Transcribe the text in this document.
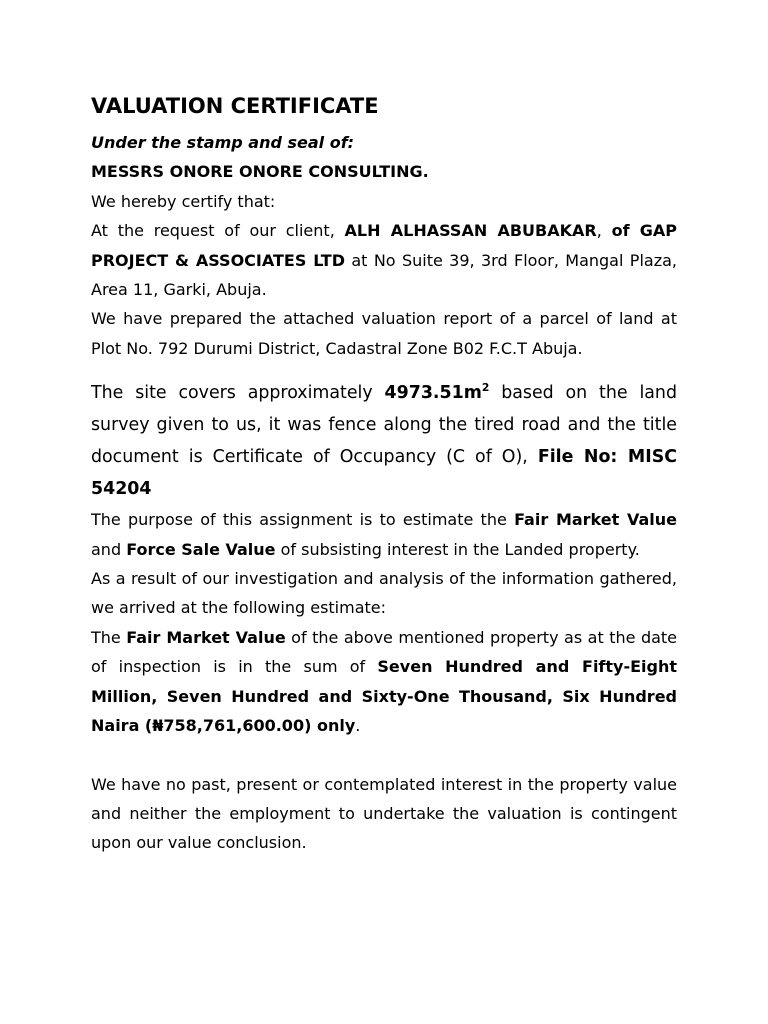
VALUATION CERTIFICATE

Under the stamp and seal of:

MESSRS ONORE ONORE CONSULTING.

We hereby certify that:

At the request of our client, ALH ALHASSAN ABUBAKAR, of GAP PROJECT & ASSOCIATES LTD at No Suite 39, 3rd Floor, Mangal Plaza, Area 11, Garki, Abuja.

We have prepared the attached valuation report of a parcel of land at Plot No. 792 Durumi District, Cadastral Zone B02 F.C.T Abuja.

The site covers approximately $4973.51m^2$ based on the land survey given to us, it was fence along the tired road and the title document is Certificate of Occupancy (C of O), File No: MISC 54204

The purpose of this assignment is to estimate the Fair Market Value and Force Sale Value of subsisting interest in the Landed property.

As a result of our investigation and analysis of the information gathered, we arrived at the following estimate:

The Fair Market Value of the above mentioned property as at the date of inspection is in the sum of Seven Hundred and Fifty-Eight Million, Seven Hundred and Sixty-One Thousand, Six Hundred Naira (₦758,761,600.00) only.

We have no past, present or contemplated interest in the property value and neither the employment to undertake the valuation is contingent upon our value conclusion.
